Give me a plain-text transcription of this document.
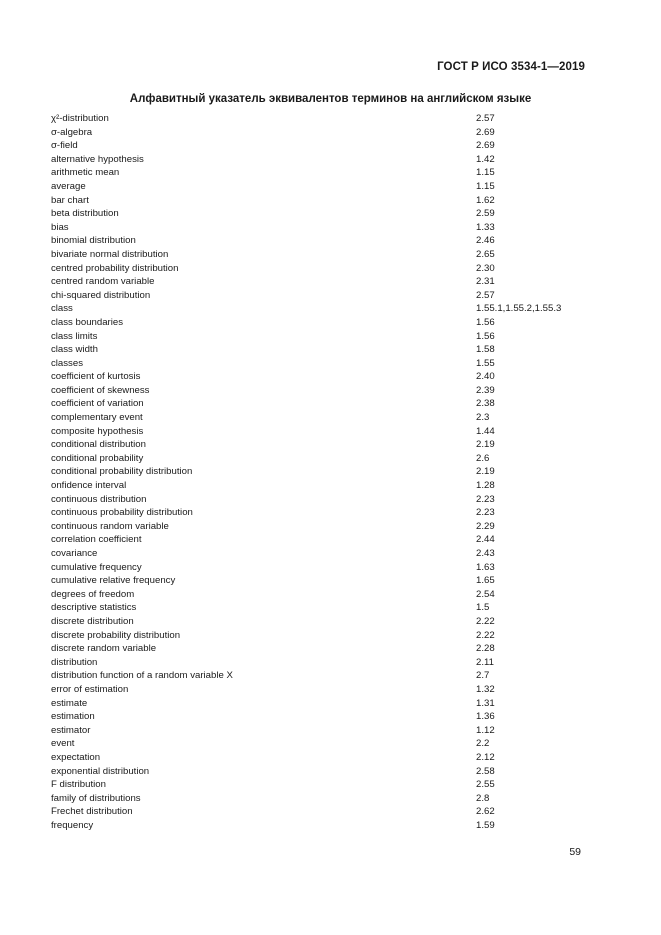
ГОСТ Р ИСО 3534-1—2019
Алфавитный указатель эквивалентов терминов на английском языке
χ²-distribution	2.57
σ-algebra	2.69
σ-field	2.69
alternative hypothesis	1.42
arithmetic mean	1.15
average	1.15
bar chart	1.62
beta distribution	2.59
bias	1.33
binomial distribution	2.46
bivariate normal distribution	2.65
centred probability distribution	2.30
centred random variable	2.31
chi-squared distribution	2.57
class	1.55.1,1.55.2,1.55.3
class boundaries	1.56
class limits	1.56
class width	1.58
classes	1.55
coefficient of kurtosis	2.40
coefficient of skewness	2.39
coefficient of variation	2.38
complementary event	2.3
composite hypothesis	1.44
conditional distribution	2.19
conditional probability	2.6
conditional probability distribution	2.19
onfidence interval	1.28
continuous distribution	2.23
continuous probability distribution	2.23
continuous random variable	2.29
correlation coefficient	2.44
covariance	2.43
cumulative frequency	1.63
cumulative relative frequency	1.65
degrees of freedom	2.54
descriptive statistics	1.5
discrete distribution	2.22
discrete probability distribution	2.22
discrete random variable	2.28
distribution	2.11
distribution function of a random variable X	2.7
error of estimation	1.32
estimate	1.31
estimation	1.36
estimator	1.12
event	2.2
expectation	2.12
exponential distribution	2.58
F distribution	2.55
family of distributions	2.8
Frechet distribution	2.62
frequency	1.59
59
